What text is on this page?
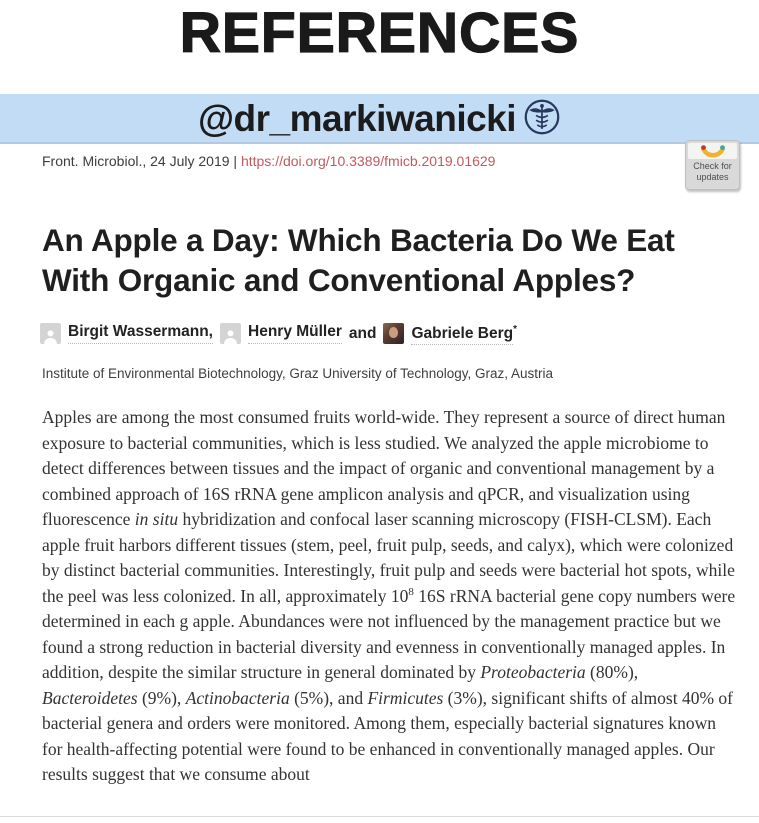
REFERENCES
@dr_markiwanicki
Front. Microbiol., 24 July 2019 | https://doi.org/10.3389/fmicb.2019.01629	Check for
updates
An Apple a Day: Which Bacteria Do We Eat With Organic and Conventional Apples?
Birgit Wassermann, Henry Müller and Gabriele Berg*
Institute of Environmental Biotechnology, Graz University of Technology, Graz, Austria

Apples are among the most consumed fruits world-wide. They represent a source of direct human exposure to bacterial communities, which is less studied. We analyzed the apple microbiome to detect differences between tissues and the impact of organic and conventional management by a combined approach of 16S rRNA gene amplicon analysis and qPCR, and visualization using fluorescence in situ hybridization and confocal laser scanning microscopy (FISH-CLSM). Each apple fruit harbors different tissues (stem, peel, fruit pulp, seeds, and calyx), which were colonized by distinct bacterial communities. Interestingly, fruit pulp and seeds were bacterial hot spots, while the peel was less colonized. In all, approximately $10^8$ 16S rRNA bacterial gene copy numbers were determined in each g apple. Abundances were not influenced by the management practice but we found a strong reduction in bacterial diversity and evenness in conventionally managed apples. In addition, despite the similar structure in general dominated by Proteobacteria (80%), Bacteroidetes (9%), Actinobacteria (5%), and Firmicutes (3%), significant shifts of almost 40% of bacterial genera and orders were monitored. Among them, especially bacterial signatures known for health-affecting potential were found to be enhanced in conventionally managed apples. Our results suggest that we consume about
